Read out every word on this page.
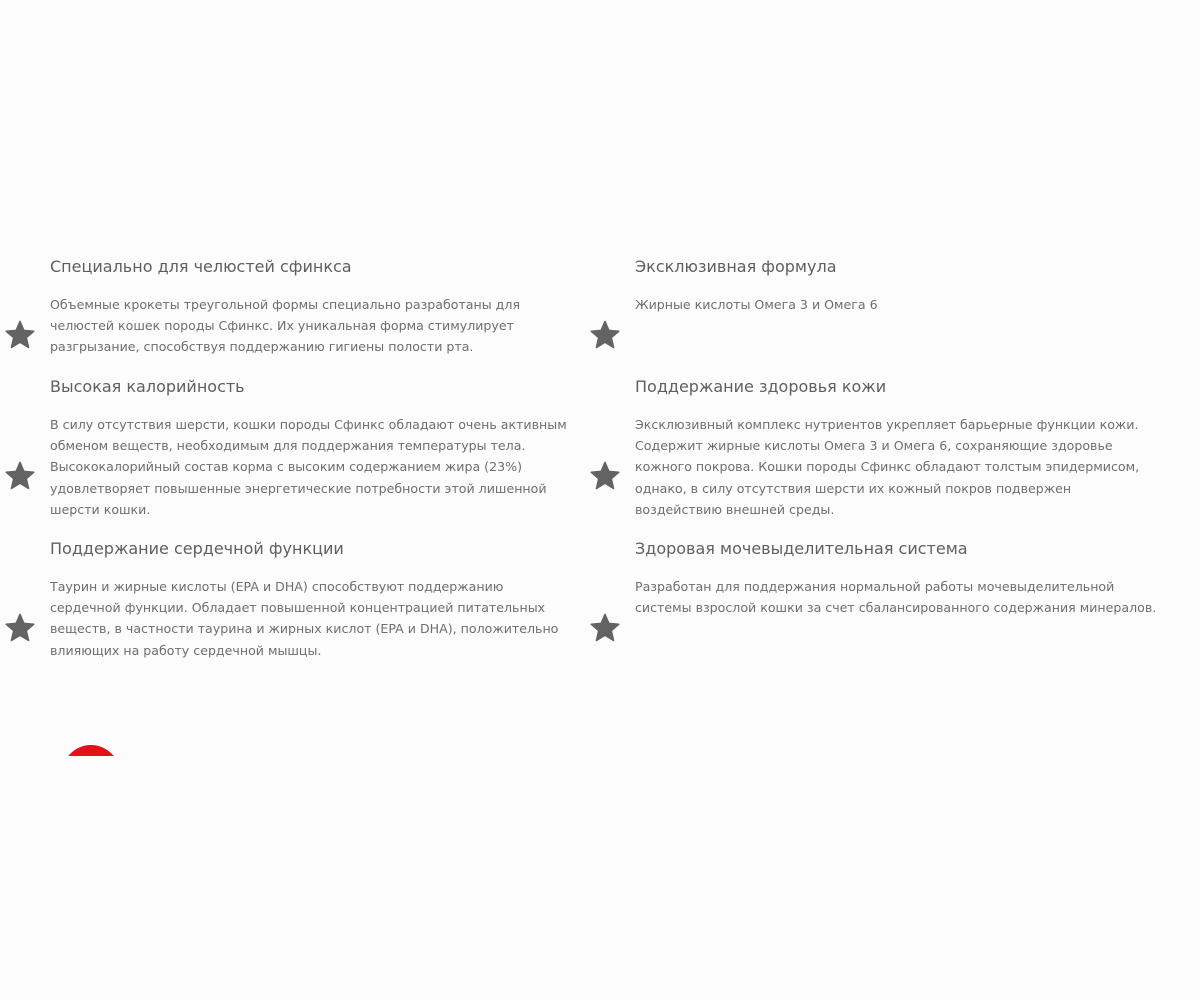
Специально для челюстей сфинкса

Объемные крокеты треугольной формы специально разработаны для челюстей кошек породы Сфинкс. Их уникальная форма стимулирует разгрызание, способствуя поддержанию гигиены полости рта.

Эксклюзивная формула

Жирные кислоты Омега 3 и Омега 6

Высокая калорийность

В силу отсутствия шерсти, кошки породы Сфинкс обладают очень активным обменом веществ, необходимым для поддержания температуры тела. Высококалорийный состав корма с высоким содержанием жира (23%) удовлетворяет повышенные энергетические потребности этой лишенной шерсти кошки.

Поддержание здоровья кожи

Эксклюзивный комплекс нутриентов укрепляет барьерные функции кожи. Содержит жирные кислоты Омега 3 и Омега 6, сохраняющие здоровье кожного покрова. Кошки породы Сфинкс обладают толстым эпидермисом, однако, в силу отсутствия шерсти их кожный покров подвержен воздействию внешней среды.

Поддержание сердечной функции

Таурин и жирные кислоты (EPA и DHA) способствуют поддержанию сердечной функции. Обладает повышенной концентрацией питательных веществ, в частности таурина и жирных кислот (EPA и DHA), положительно влияющих на работу сердечной мышцы.

Здоровая мочевыделительная система

Разработан для поддержания нормальной работы мочевыделительной системы взрослой кошки за счет сбалансированного содержания минералов.
